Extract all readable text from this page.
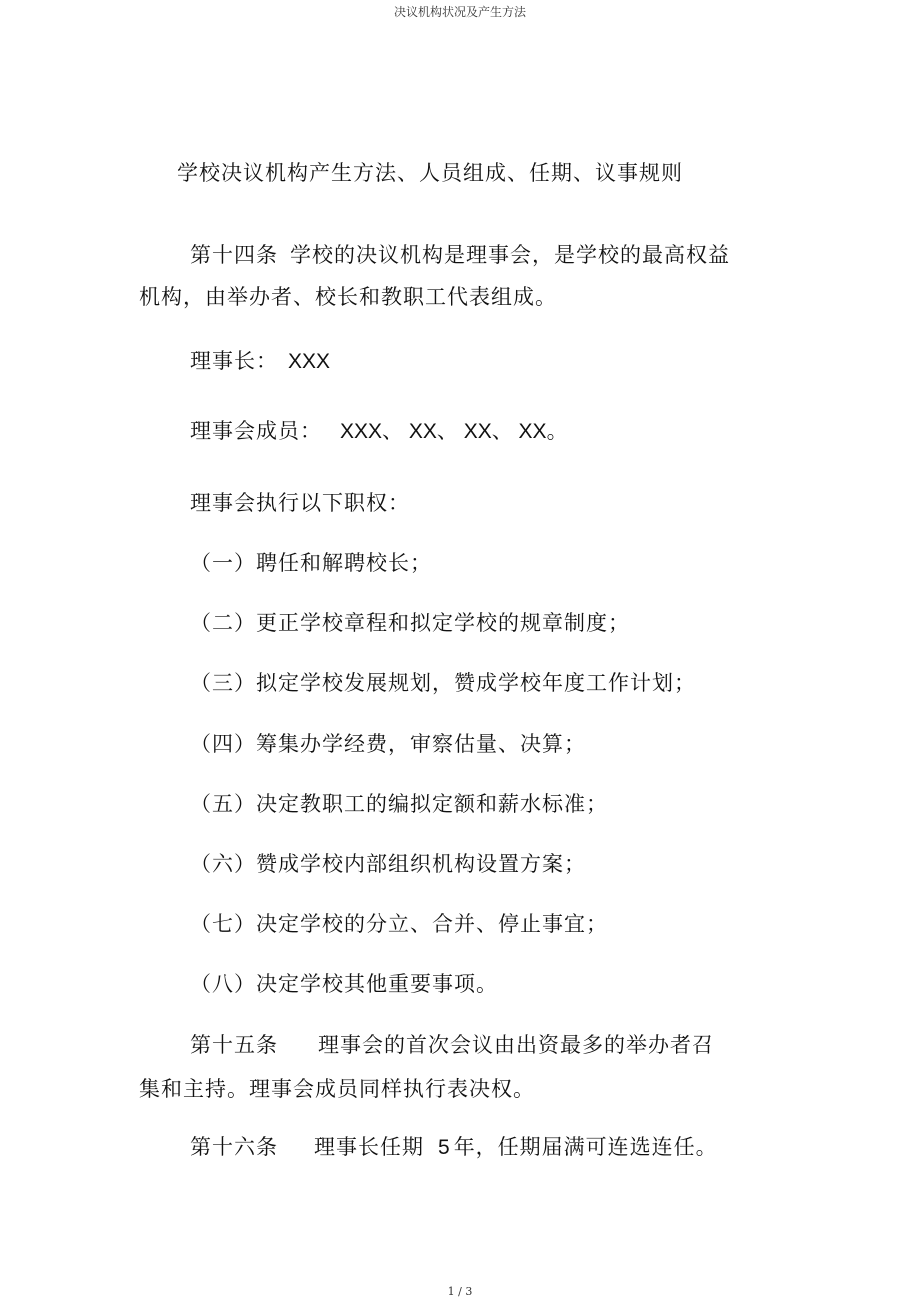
决议机构状况及产生方法
学校决议机构产生方法、人员组成、任期、议事规则
第十四条 学校的决议机构是理事会，是学校的最高权益
机构，由举办者、校长和教职工代表组成。
理事长： XXX
理事会成员： XXX、 XX、 XX、 XX。
理事会执行以下职权：
（一）聘任和解聘校长；
（二）更正学校章程和拟定学校的规章制度；
（三）拟定学校发展规划，赞成学校年度工作计划；
（四）筹集办学经费，审察估量、决算；
（五）决定教职工的编拟定额和薪水标准；
（六）赞成学校内部组织机构设置方案；
（七）决定学校的分立、合并、停止事宜；
（八）决定学校其他重要事项。
第十五条 理事会的首次会议由出资最多的举办者召
集和主持。理事会成员同样执行表决权。
第十六条 理事长任期 5 年，任期届满可连选连任。
1 / 3
